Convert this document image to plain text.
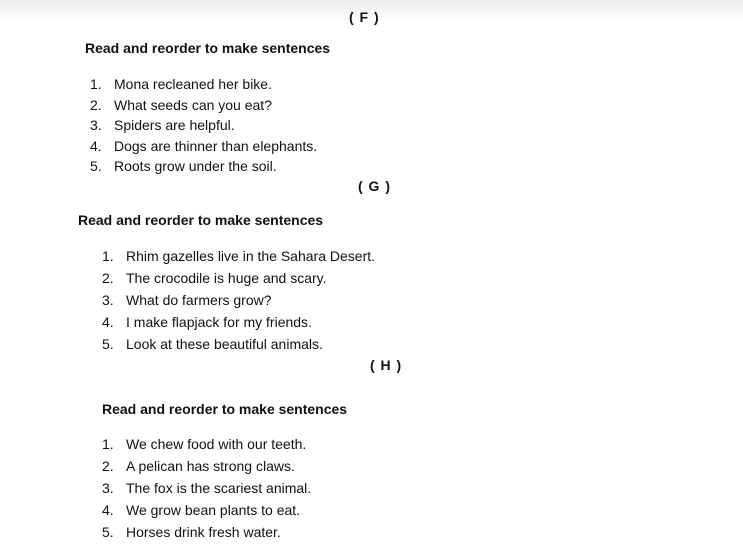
( F )
Read and reorder to make sentences
1. Mona recleaned her bike.
2. What seeds can you eat?
3. Spiders are helpful.
4. Dogs are thinner than elephants.
5. Roots grow under the soil.
( G )
Read and reorder to make sentences
1. Rhim gazelles live in the Sahara Desert.
2. The crocodile is huge and scary.
3. What do farmers grow?
4. I make flapjack for my friends.
5. Look at these beautiful animals.
( H )
Read and reorder to make sentences
1. We chew food with our teeth.
2. A pelican has strong claws.
3. The fox is the scariest animal.
4. We grow bean plants to eat.
5. Horses drink fresh water.
